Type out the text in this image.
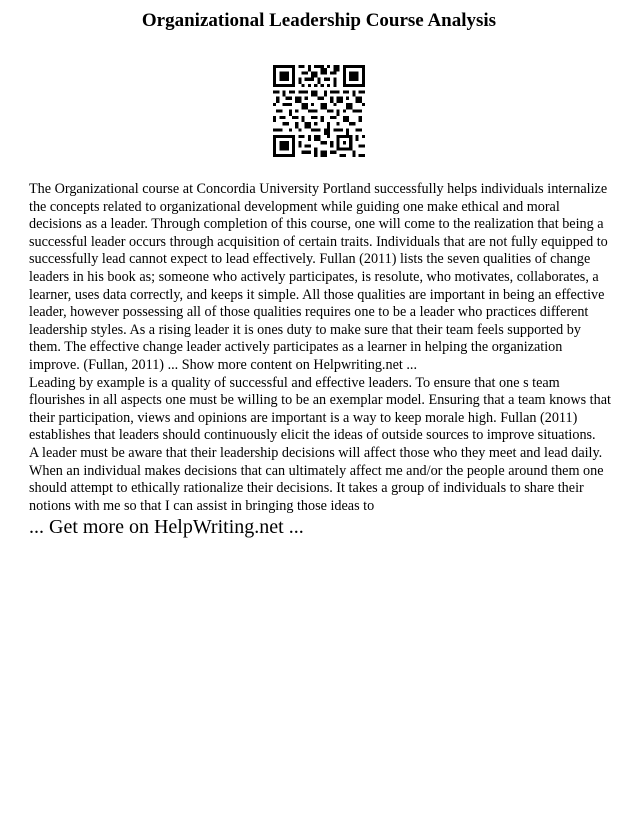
Organizational Leadership Course Analysis

The Organizational course at Concordia University Portland successfully helps individuals internalize the concepts related to organizational development while guiding one make ethical and moral decisions as a leader. Through completion of this course, one will come to the realization that being a successful leader occurs through acquisition of certain traits. Individuals that are not fully equipped to successfully lead cannot expect to lead effectively. Fullan (2011) lists the seven qualities of change leaders in his book as; someone who actively participates, is resolute, who motivates, collaborates, a learner, uses data correctly, and keeps it simple. All those qualities are important in being an effective leader, however possessing all of those qualities requires one to be a leader who practices different leadership styles. As a rising leader it is ones duty to make sure that their team feels supported by them. The effective change leader actively participates as a learner in helping the organization improve. (Fullan, 2011) ... Show more content on Helpwriting.net ...

Leading by example is a quality of successful and effective leaders. To ensure that one s team flourishes in all aspects one must be willing to be an exemplar model. Ensuring that a team knows that their participation, views and opinions are important is a way to keep morale high. Fullan (2011) establishes that leaders should continuously elicit the ideas of outside sources to improve situations.

A leader must be aware that their leadership decisions will affect those who they meet and lead daily. When an individual makes decisions that can ultimately affect me and/or the people around them one should attempt to ethically rationalize their decisions. It takes a group of individuals to share their notions with me so that I can assist in bringing those ideas to

... Get more on HelpWriting.net ...
